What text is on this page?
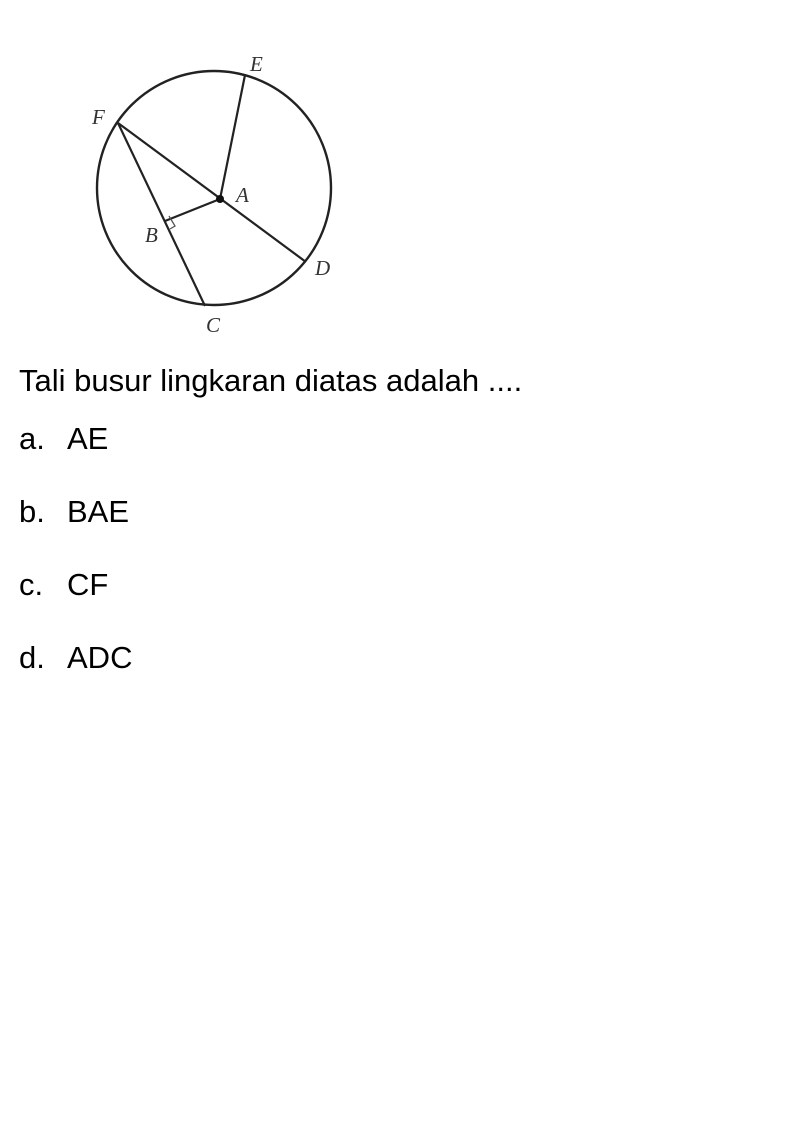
E
F
A
B
D
C
Tali busur lingkaran diatas adalah ....
a. AE
b. BAE
c. CF
d. ADC
